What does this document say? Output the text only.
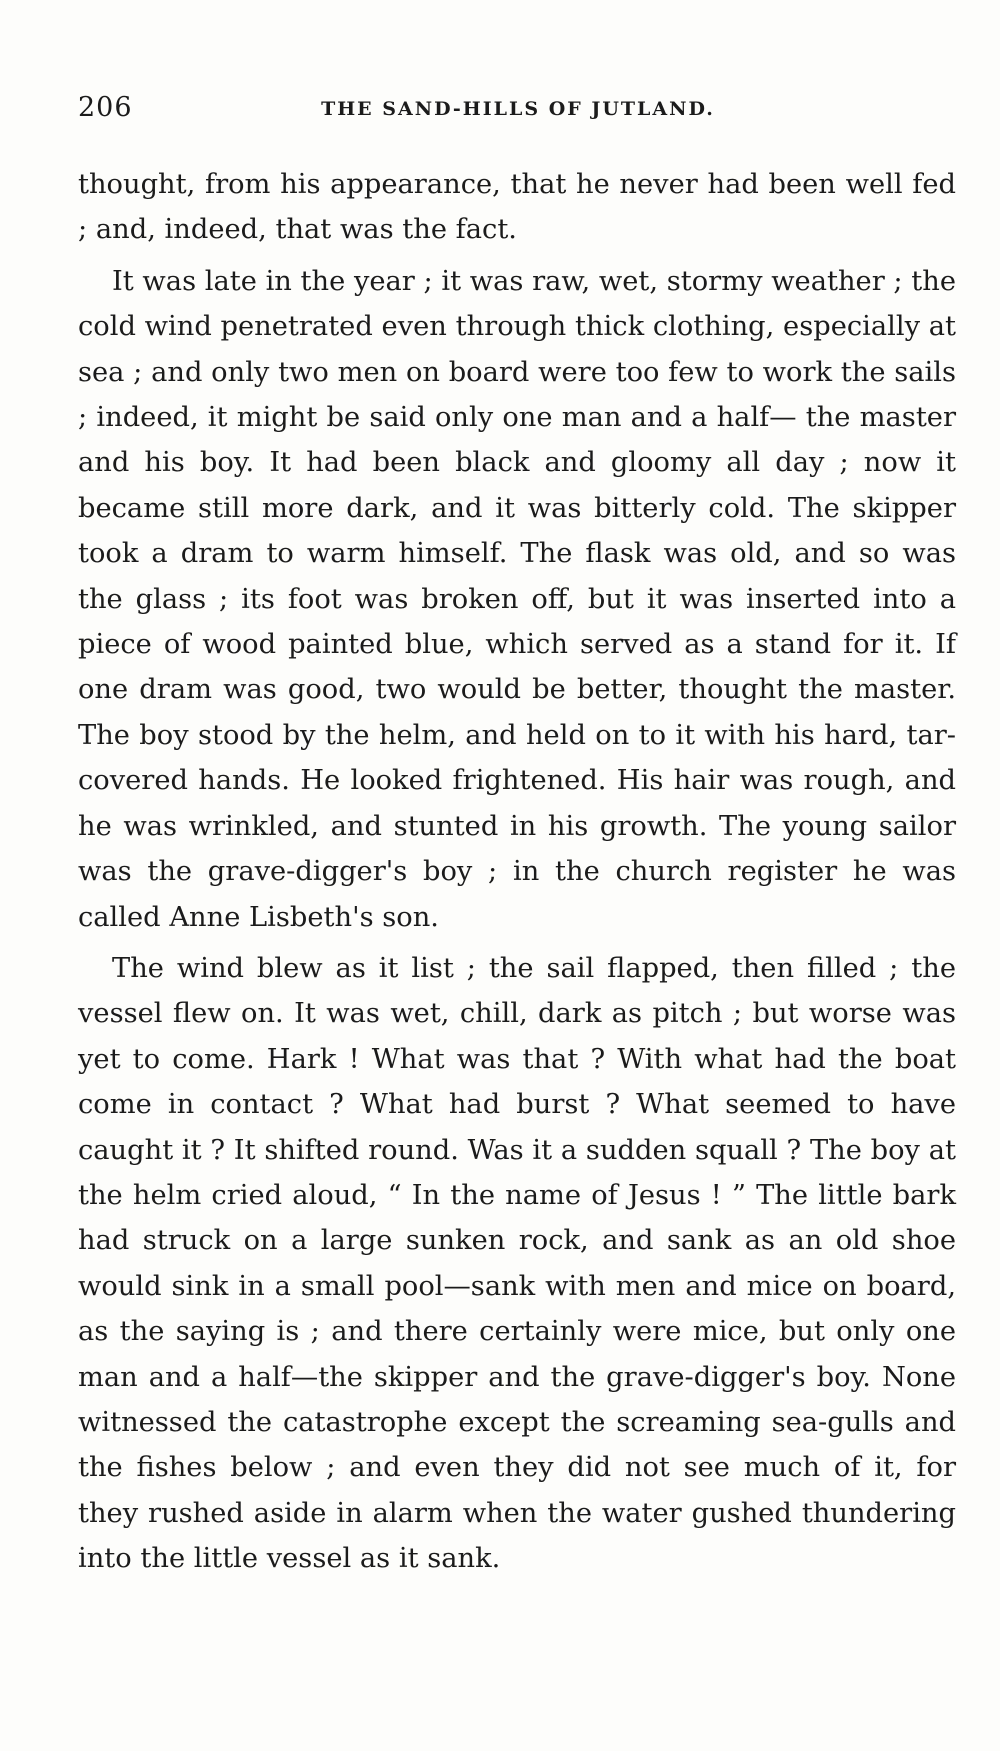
206	THE SAND-HILLS OF JUTLAND.

thought, from his appearance, that he never had been well fed ; and, indeed, that was the fact.

It was late in the year ; it was raw, wet, stormy weather ; the cold wind penetrated even through thick clothing, especially at sea ; and only two men on board were too few to work the sails ; indeed, it might be said only one man and a half— the master and his boy. It had been black and gloomy all day ; now it became still more dark, and it was bitterly cold. The skipper took a dram to warm himself. The flask was old, and so was the glass ; its foot was broken off, but it was inserted into a piece of wood painted blue, which served as a stand for it. If one dram was good, two would be better, thought the master. The boy stood by the helm, and held on to it with his hard, tar-covered hands. He looked frightened. His hair was rough, and he was wrinkled, and stunted in his growth. The young sailor was the grave-digger's boy ; in the church register he was called Anne Lisbeth's son.

The wind blew as it list ; the sail flapped, then filled ; the vessel flew on. It was wet, chill, dark as pitch ; but worse was yet to come. Hark ! What was that ? With what had the boat come in contact ? What had burst ? What seemed to have caught it ? It shifted round. Was it a sudden squall ? The boy at the helm cried aloud, “ In the name of Jesus ! ” The little bark had struck on a large sunken rock, and sank as an old shoe would sink in a small pool—sank with men and mice on board, as the saying is ; and there certainly were mice, but only one man and a half—the skipper and the grave-digger's boy. None witnessed the catastrophe except the screaming sea-gulls and the fishes below ; and even they did not see much of it, for they rushed aside in alarm when the water gushed thundering into the little vessel as it sank.
